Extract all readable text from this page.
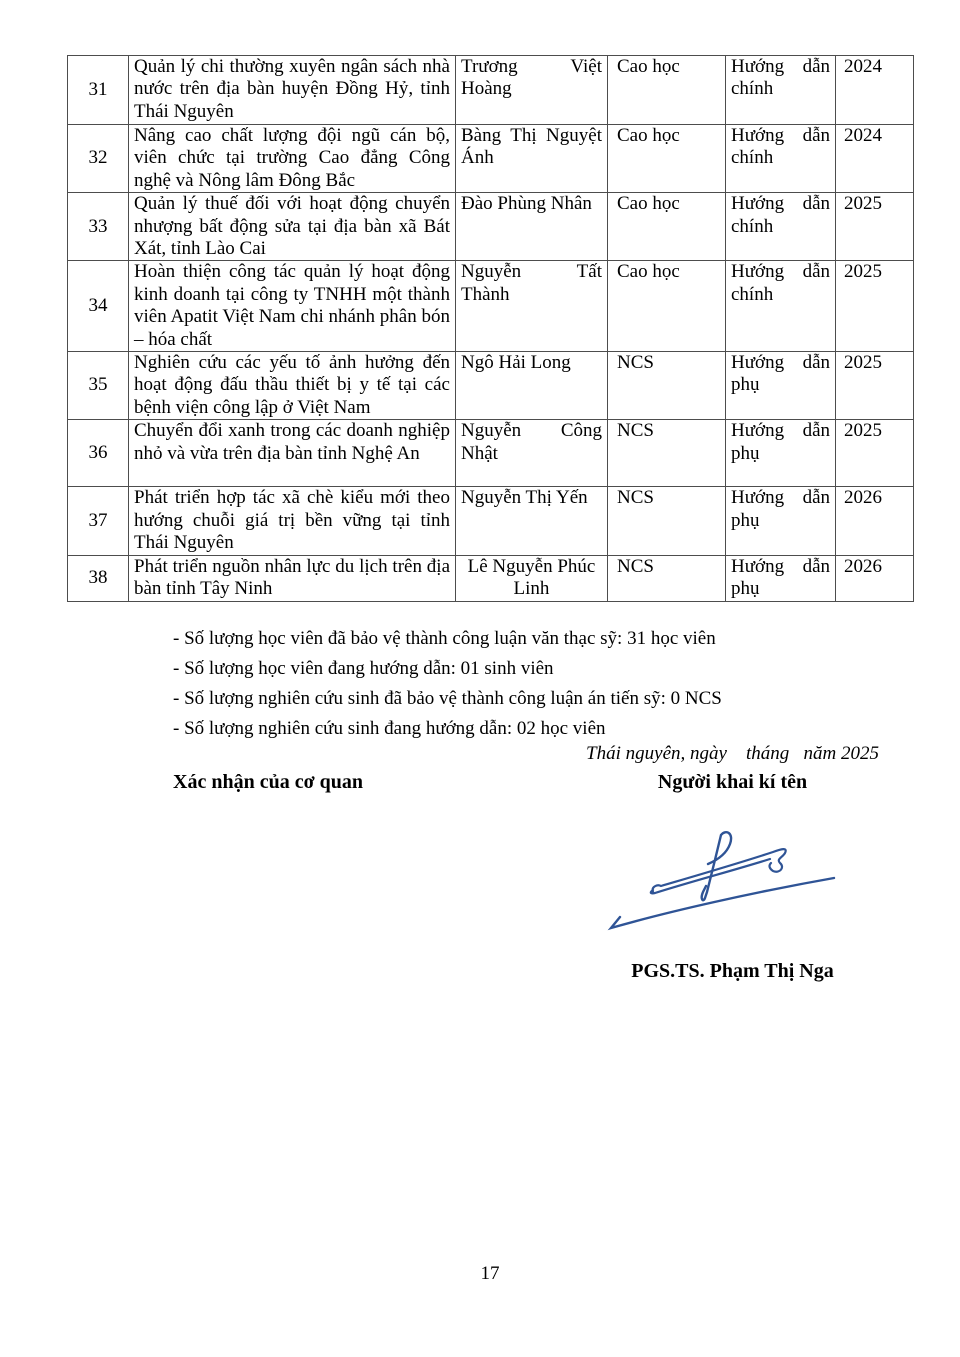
31	Quản lý chi thường xuyên ngân sách nhà nước trên địa bàn huyện Đồng Hỷ, tỉnh Thái Nguyên	Trương Việt Hoàng	Cao học	Hướng dẫn chính	2024
32	Nâng cao chất lượng đội ngũ cán bộ, viên chức tại trường Cao đẳng Công nghệ và Nông lâm Đông Bắc	Bàng Thị Nguyệt Ánh	Cao học	Hướng dẫn chính	2024
33	Quản lý thuế đối với hoạt động chuyển nhượng bất động sửa tại địa bàn xã Bát Xát, tỉnh Lào Cai	Đào Phùng Nhân	Cao học	Hướng dẫn chính	2025
34	Hoàn thiện công tác quản lý hoạt động kinh doanh tại công ty TNHH một thành viên Apatit Việt Nam chi nhánh phân bón – hóa chất	Nguyễn Tất Thành	Cao học	Hướng dẫn chính	2025
35	Nghiên cứu các yếu tố ảnh hưởng đến hoạt động đấu thầu thiết bị y tế tại các bệnh viện công lập ở Việt Nam	Ngô Hải Long	NCS	Hướng dẫn phụ	2025
36	Chuyển đổi xanh trong các doanh nghiệp nhỏ và vừa trên địa bàn tỉnh Nghệ An	Nguyễn Công Nhật	NCS	Hướng dẫn phụ	2025
37	Phát triển hợp tác xã chè kiểu mới theo hướng chuỗi giá trị bền vững tại tỉnh Thái Nguyên	Nguyễn Thị Yến	NCS	Hướng dẫn phụ	2026
38	Phát triển nguồn nhân lực du lịch trên địa bàn tỉnh Tây Ninh	Lê Nguyễn Phúc Linh	NCS	Hướng dẫn phụ	2026
- Số lượng học viên đã bảo vệ thành công luận văn thạc sỹ: 31 học viên
- Số lượng học viên đang hướng dẫn: 01 sinh viên
- Số lượng nghiên cứu sinh đã bảo vệ thành công luận án tiến sỹ: 0 NCS
- Số lượng nghiên cứu sinh đang hướng dẫn: 02 học viên
Thái nguyên, ngày    tháng   năm 2025
Xác nhận của cơ quan	Người khai kí tên
PGS.TS. Phạm Thị Nga
17
